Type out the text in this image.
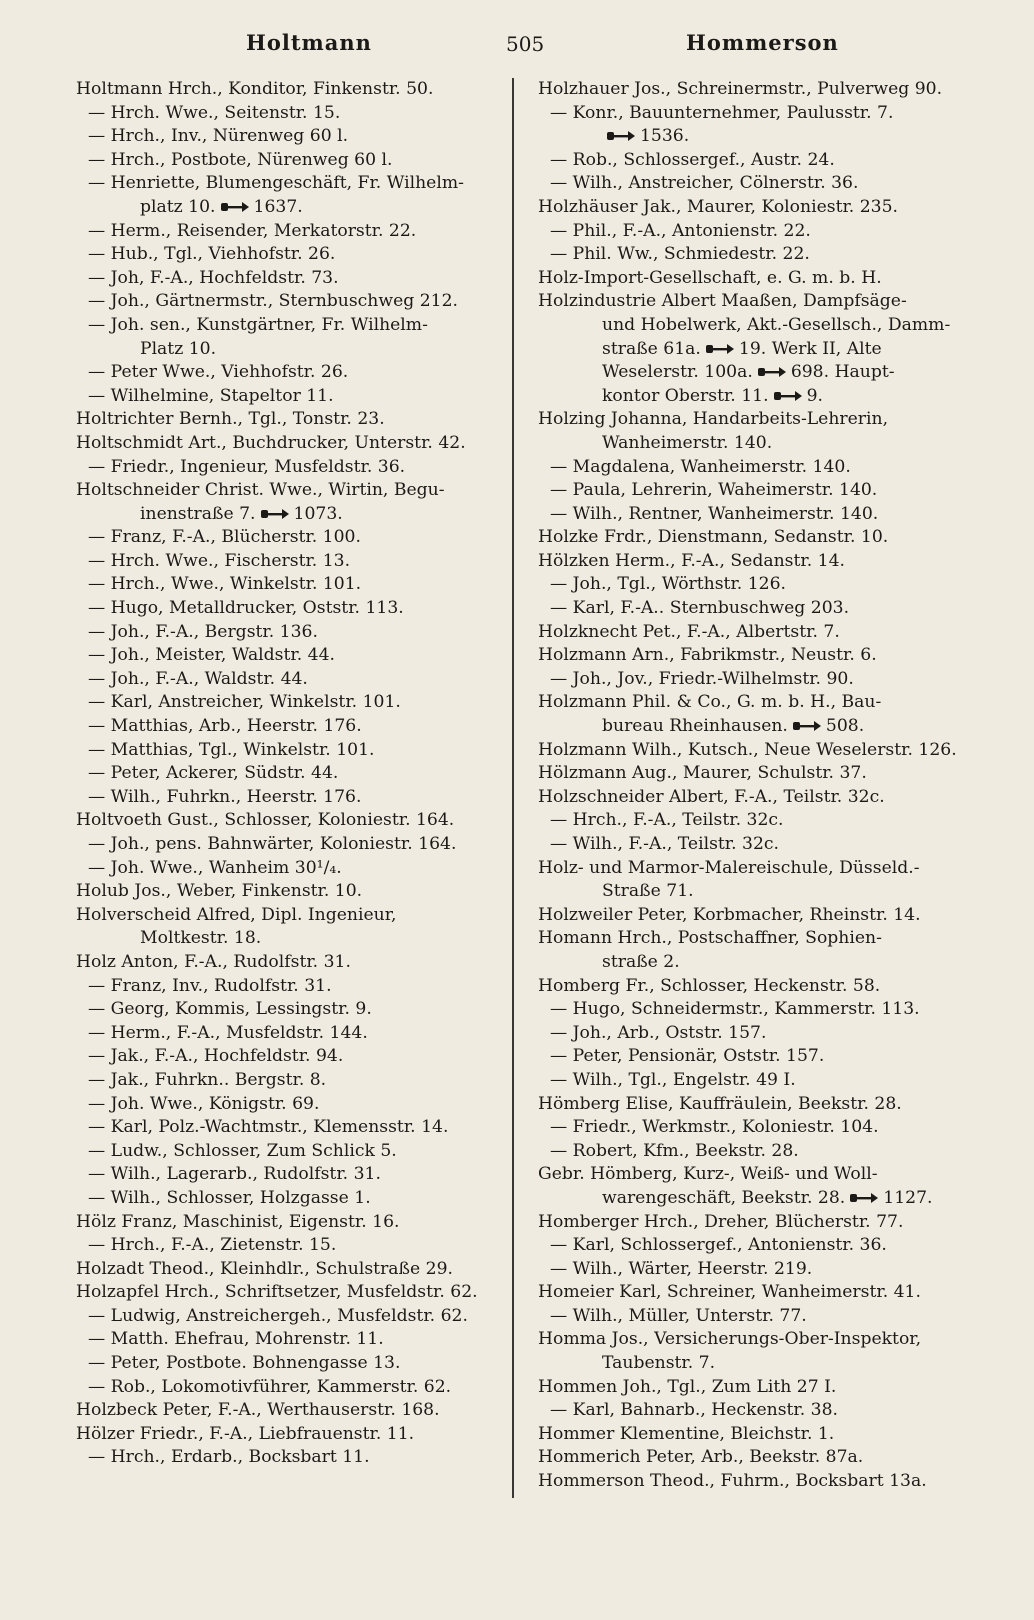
Holtmann	505	Hommerson
Holtmann Hrch., Konditor, Finkenstr. 50.
— Hrch. Wwe., Seitenstr. 15.
— Hrch., Inv., Nürenweg 60 l.
— Hrch., Postbote, Nürenweg 60 l.
— Henriette, Blumengeschäft, Fr. Wilhelm-
platz 10. 1637.
— Herm., Reisender, Merkatorstr. 22.
— Hub., Tgl., Viehhofstr. 26.
— Joh, F.-A., Hochfeldstr. 73.
— Joh., Gärtnermstr., Sternbuschweg 212.
— Joh. sen., Kunstgärtner, Fr. Wilhelm-
Platz 10.
— Peter Wwe., Viehhofstr. 26.
— Wilhelmine, Stapeltor 11.
Holtrichter Bernh., Tgl., Tonstr. 23.
Holtschmidt Art., Buchdrucker, Unterstr. 42.
— Friedr., Ingenieur, Musfeldstr. 36.
Holtschneider Christ. Wwe., Wirtin, Begu-
inenstraße 7. 1073.
— Franz, F.-A., Blücherstr. 100.
— Hrch. Wwe., Fischerstr. 13.
— Hrch., Wwe., Winkelstr. 101.
— Hugo, Metalldrucker, Oststr. 113.
— Joh., F.-A., Bergstr. 136.
— Joh., Meister, Waldstr. 44.
— Joh., F.-A., Waldstr. 44.
— Karl, Anstreicher, Winkelstr. 101.
— Matthias, Arb., Heerstr. 176.
— Matthias, Tgl., Winkelstr. 101.
— Peter, Ackerer, Südstr. 44.
— Wilh., Fuhrkn., Heerstr. 176.
Holtvoeth Gust., Schlosser, Koloniestr. 164.
— Joh., pens. Bahnwärter, Koloniestr. 164.
— Joh. Wwe., Wanheim 30¹/₄.
Holub Jos., Weber, Finkenstr. 10.
Holverscheid Alfred, Dipl. Ingenieur,
Moltkestr. 18.
Holz Anton, F.-A., Rudolfstr. 31.
— Franz, Inv., Rudolfstr. 31.
— Georg, Kommis, Lessingstr. 9.
— Herm., F.-A., Musfeldstr. 144.
— Jak., F.-A., Hochfeldstr. 94.
— Jak., Fuhrkn.. Bergstr. 8.
— Joh. Wwe., Königstr. 69.
— Karl, Polz.-Wachtmstr., Klemensstr. 14.
— Ludw., Schlosser, Zum Schlick 5.
— Wilh., Lagerarb., Rudolfstr. 31.
— Wilh., Schlosser, Holzgasse 1.
Hölz Franz, Maschinist, Eigenstr. 16.
— Hrch., F.-A., Zietenstr. 15.
Holzadt Theod., Kleinhdlr., Schulstraße 29.
Holzapfel Hrch., Schriftsetzer, Musfeldstr. 62.
— Ludwig, Anstreichergeh., Musfeldstr. 62.
— Matth. Ehefrau, Mohrenstr. 11.
— Peter, Postbote. Bohnengasse 13.
— Rob., Lokomotivführer, Kammerstr. 62.
Holzbeck Peter, F.-A., Werthauserstr. 168.
Hölzer Friedr., F.-A., Liebfrauenstr. 11.
— Hrch., Erdarb., Bocksbart 11.
Holzhauer Jos., Schreinermstr., Pulverweg 90.
— Konr., Bauunternehmer, Paulusstr. 7.
1536.
— Rob., Schlossergef., Austr. 24.
— Wilh., Anstreicher, Cölnerstr. 36.
Holzhäuser Jak., Maurer, Koloniestr. 235.
— Phil., F.-A., Antonienstr. 22.
— Phil. Ww., Schmiedestr. 22.
Holz-Import-Gesellschaft, e. G. m. b. H.
Holzindustrie Albert Maaßen, Dampfsäge-
und Hobelwerk, Akt.-Gesellsch., Damm-
straße 61a. 19. Werk II, Alte
Weselerstr. 100a. 698. Haupt-
kontor Oberstr. 11. 9.
Holzing Johanna, Handarbeits-Lehrerin,
Wanheimerstr. 140.
— Magdalena, Wanheimerstr. 140.
— Paula, Lehrerin, Waheimerstr. 140.
— Wilh., Rentner, Wanheimerstr. 140.
Holzke Frdr., Dienstmann, Sedanstr. 10.
Hölzken Herm., F.-A., Sedanstr. 14.
— Joh., Tgl., Wörthstr. 126.
— Karl, F.-A.. Sternbuschweg 203.
Holzknecht Pet., F.-A., Albertstr. 7.
Holzmann Arn., Fabrikmstr., Neustr. 6.
— Joh., Jov., Friedr.-Wilhelmstr. 90.
Holzmann Phil. & Co., G. m. b. H., Bau-
bureau Rheinhausen. 508.
Holzmann Wilh., Kutsch., Neue Weselerstr. 126.
Hölzmann Aug., Maurer, Schulstr. 37.
Holzschneider Albert, F.-A., Teilstr. 32c.
— Hrch., F.-A., Teilstr. 32c.
— Wilh., F.-A., Teilstr. 32c.
Holz- und Marmor-Malereischule, Düsseld.-
Straße 71.
Holzweiler Peter, Korbmacher, Rheinstr. 14.
Homann Hrch., Postschaffner, Sophien-
straße 2.
Homberg Fr., Schlosser, Heckenstr. 58.
— Hugo, Schneidermstr., Kammerstr. 113.
— Joh., Arb., Oststr. 157.
— Peter, Pensionär, Oststr. 157.
— Wilh., Tgl., Engelstr. 49 I.
Hömberg Elise, Kauffräulein, Beekstr. 28.
— Friedr., Werkmstr., Koloniestr. 104.
— Robert, Kfm., Beekstr. 28.
Gebr. Hömberg, Kurz-, Weiß- und Woll-
warengeschäft, Beekstr. 28. 1127.
Homberger Hrch., Dreher, Blücherstr. 77.
— Karl, Schlossergef., Antonienstr. 36.
— Wilh., Wärter, Heerstr. 219.
Homeier Karl, Schreiner, Wanheimerstr. 41.
— Wilh., Müller, Unterstr. 77.
Homma Jos., Versicherungs-Ober-Inspektor,
Taubenstr. 7.
Hommen Joh., Tgl., Zum Lith 27 I.
— Karl, Bahnarb., Heckenstr. 38.
Hommer Klementine, Bleichstr. 1.
Hommerich Peter, Arb., Beekstr. 87a.
Hommerson Theod., Fuhrm., Bocksbart 13a.
